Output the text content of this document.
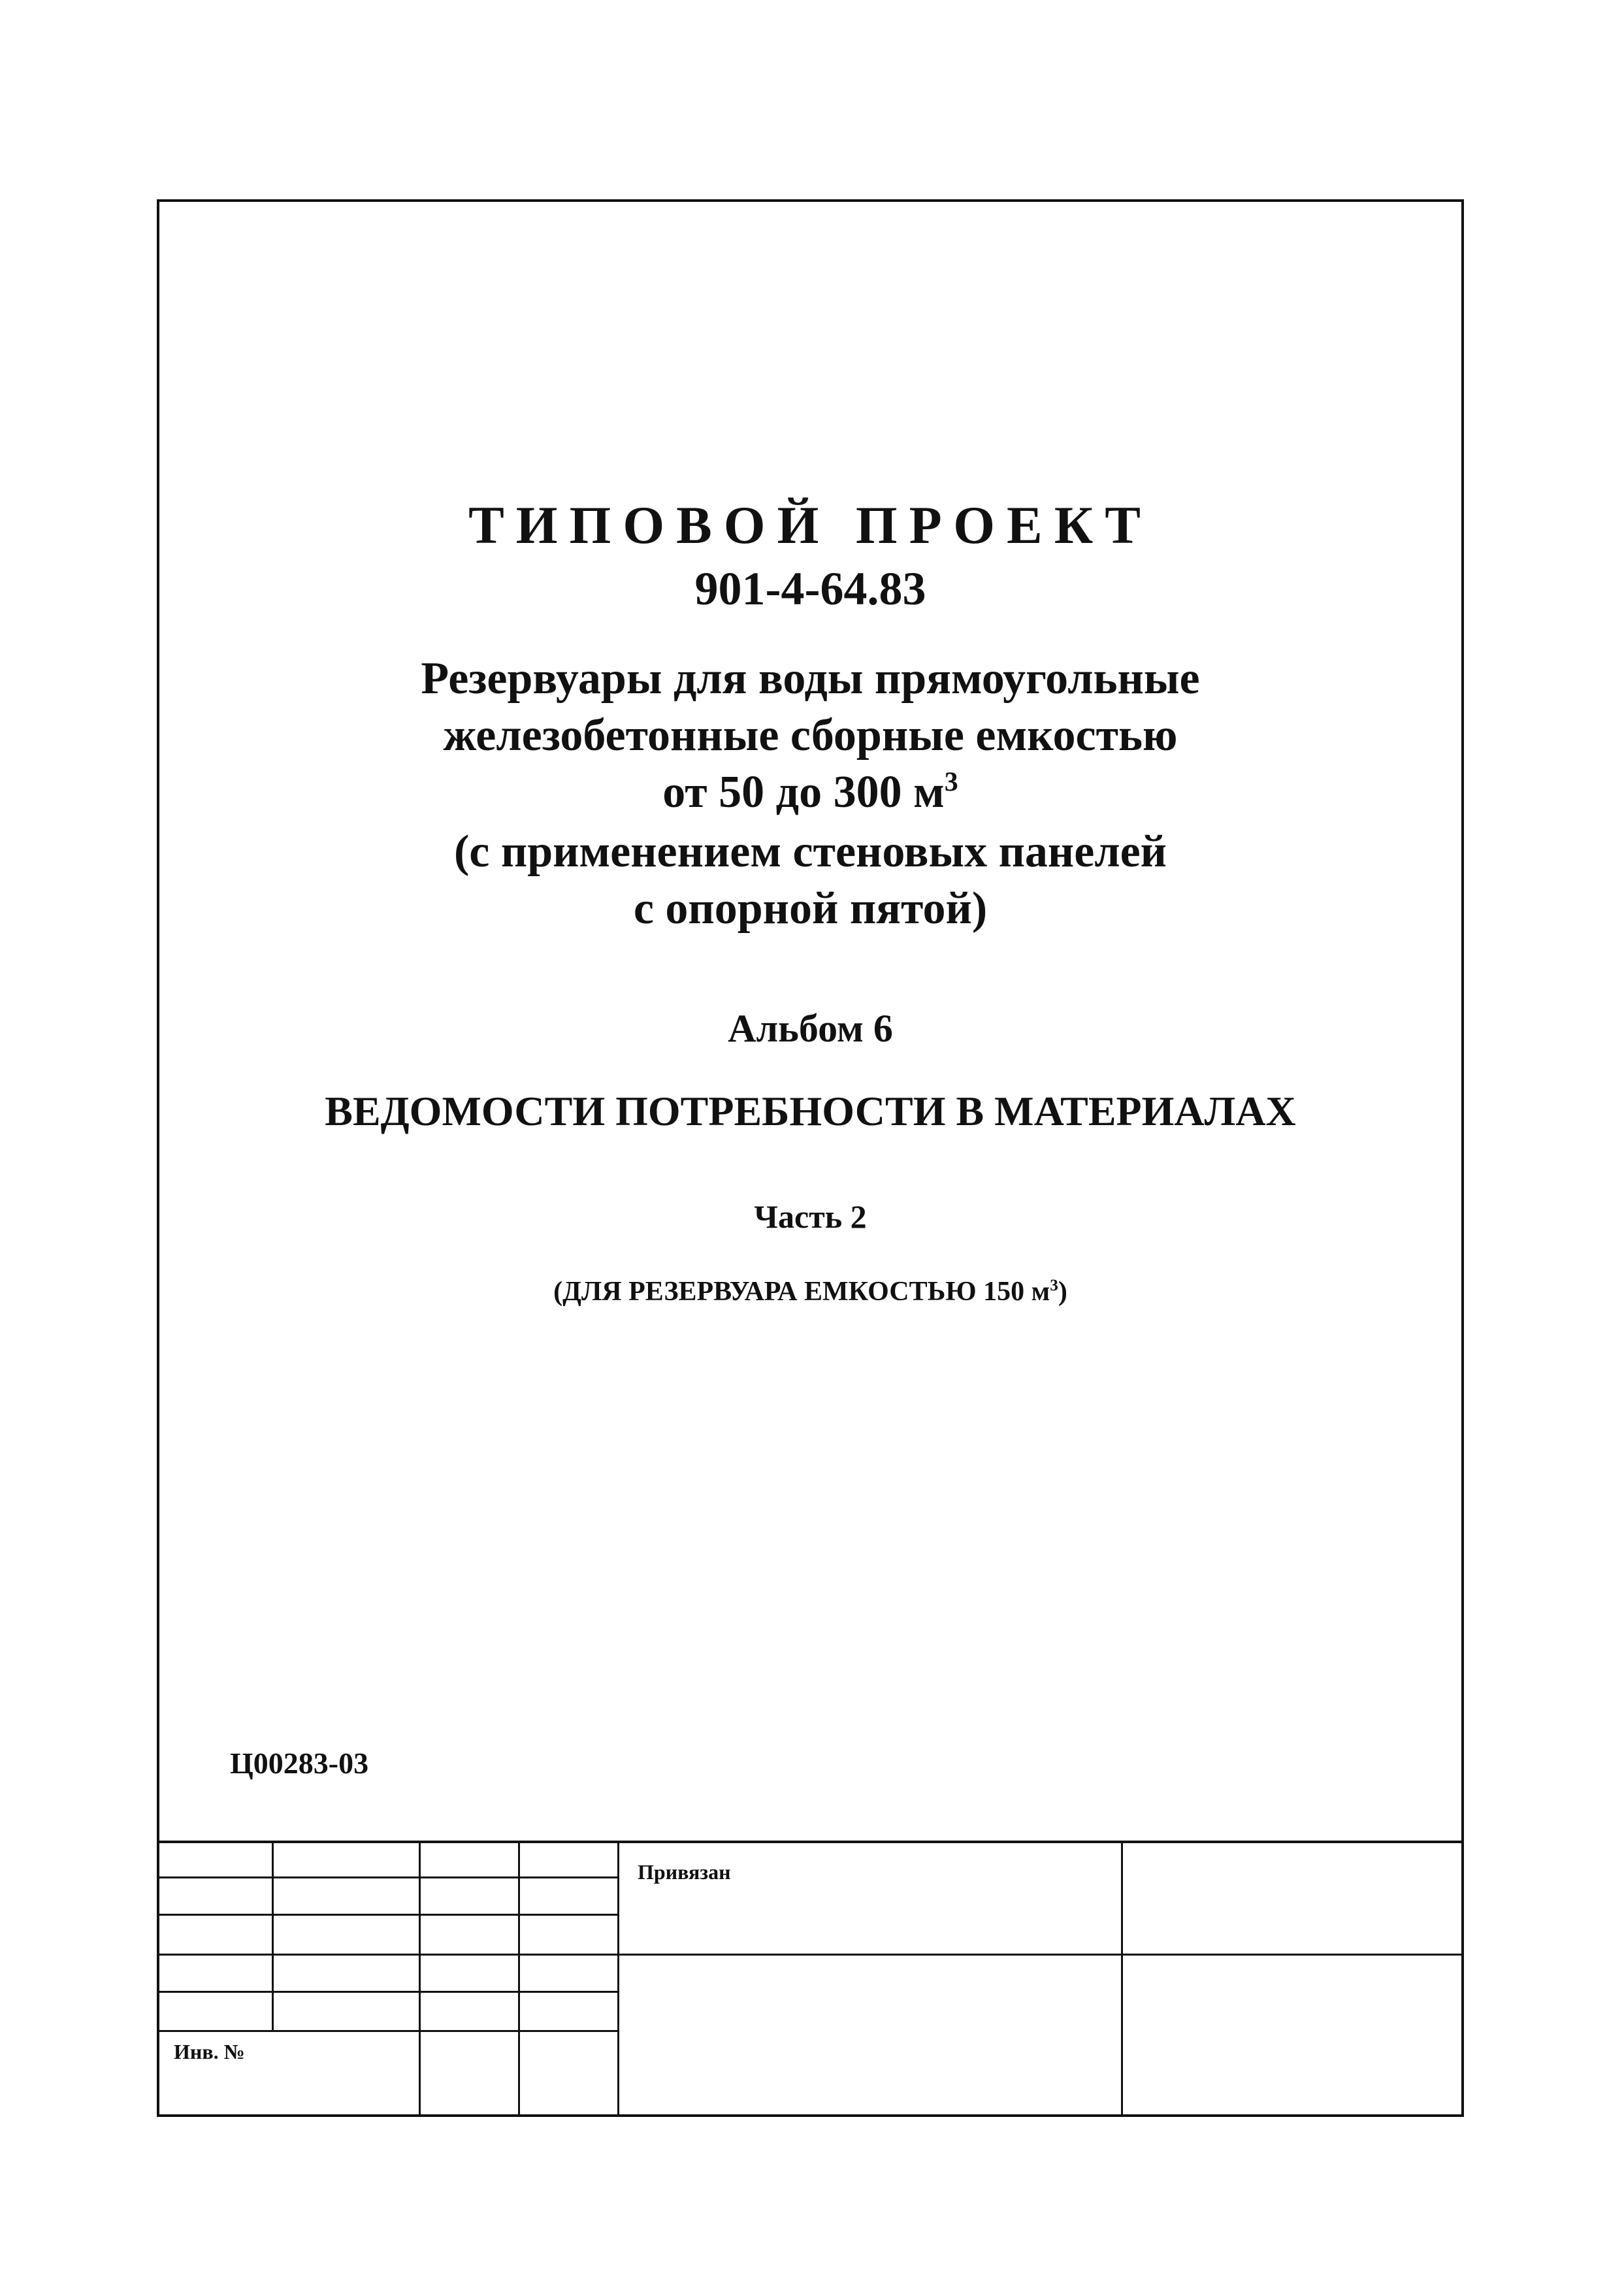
ТИПОВОЙ ПРОЕКТ
901-4-64.83
Резервуары для воды прямоугольные
железобетонные сборные емкостью
от 50 до 300 $м^3$
(с применением стеновых панелей
с опорной пятой)
Альбом 6
ВЕДОМОСТИ ПОТРЕБНОСТИ В МАТЕРИАЛАХ
Часть 2
(ДЛЯ РЕЗЕРВУАРА ЕМКОСТЬЮ 150 $м^3$)
Ц00283-03
Привязан
Инв. №
